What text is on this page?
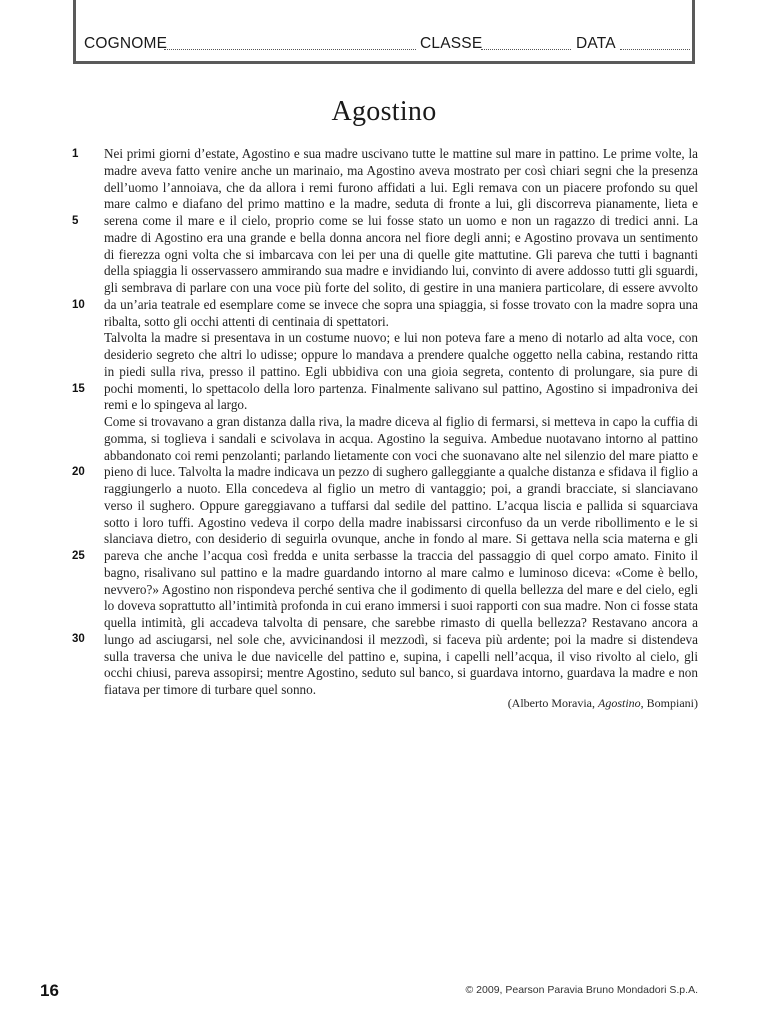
COGNOME	CLASSE	DATA
Agostino
1
5
10
15
20
25
30

Nei primi giorni d’estate, Agostino e sua madre uscivano tutte le mattine sul mare in pattino. Le prime volte, la madre aveva fatto venire anche un marinaio, ma Agostino aveva mostrato per così chiari segni che la presenza dell’uomo l’annoiava, che da allora i remi furono affidati a lui. Egli remava con un piacere profondo su quel mare calmo e diafano del primo mattino e la madre, seduta di fronte a lui, gli discorreva pianamente, lieta e serena come il mare e il cielo, proprio come se lui fosse stato un uomo e non un ragazzo di tredici anni. La madre di Agostino era una grande e bella donna ancora nel fiore degli anni; e Agostino provava un sentimento di fierezza ogni volta che si imbarcava con lei per una di quelle gite mattutine. Gli pareva che tutti i bagnanti della spiaggia li osservassero ammirando sua madre e invidiando lui, convinto di avere addosso tutti gli sguardi, gli sembrava di parlare con una voce più forte del solito, di gestire in una maniera particolare, di essere avvolto da un’aria teatrale ed esemplare come se invece che sopra una spiaggia, si fosse trovato con la madre sopra una ribalta, sotto gli occhi attenti di centinaia di spettatori.

Talvolta la madre si presentava in un costume nuovo; e lui non poteva fare a meno di notarlo ad alta voce, con desiderio segreto che altri lo udisse; oppure lo mandava a prendere qualche oggetto nella cabina, restando ritta in piedi sulla riva, presso il pattino. Egli ubbidiva con una gioia segreta, contento di prolungare, sia pure di pochi momenti, lo spettacolo della loro partenza. Finalmente salivano sul pattino, Agostino si impadroniva dei remi e lo spingeva al largo.

Come si trovavano a gran distanza dalla riva, la madre diceva al figlio di fermarsi, si metteva in capo la cuffia di gomma, si toglieva i sandali e scivolava in acqua. Agostino la seguiva. Ambedue nuotavano intorno al pattino abbandonato coi remi penzolanti; parlando lietamente con voci che suonavano alte nel silenzio del mare piatto e pieno di luce. Talvolta la madre indicava un pezzo di sughero galleggiante a qualche distanza e sfidava il figlio a raggiungerlo a nuoto. Ella concedeva al figlio un metro di vantaggio; poi, a grandi bracciate, si slanciavano verso il sughero. Oppure gareggiavano a tuffarsi dal sedile del pattino. L’acqua liscia e pallida si squarciava sotto i loro tuffi. Agostino vedeva il corpo della madre inabissarsi circonfuso da un verde ribollimento e le si slanciava dietro, con desiderio di seguirla ovunque, anche in fondo al mare. Si gettava nella scia materna e gli pareva che anche l’acqua così fredda e unita serbasse la traccia del passaggio di quel corpo amato. Finito il bagno, risalivano sul pattino e la madre guardando intorno al mare calmo e luminoso diceva: «Come è bello, nevvero?» Agostino non rispondeva perché sentiva che il godimento di quella bellezza del mare e del cielo, egli lo doveva soprattutto all’intimità profonda in cui erano immersi i suoi rapporti con sua madre. Non ci fosse stata quella intimità, gli accadeva talvolta di pensare, che sarebbe rimasto di quella bellezza? Restavano ancora a lungo ad asciugarsi, nel sole che, avvicinandosi il mezzodì, si faceva più ardente; poi la madre si distendeva sulla traversa che univa le due navicelle del pattino e, supina, i capelli nell’acqua, il viso rivolto al cielo, gli occhi chiusi, pareva assopirsi; mentre Agostino, seduto sul banco, si guardava intorno, guardava la madre e non fiatava per timore di turbare quel sonno.

(Alberto Moravia, Agostino, Bompiani)
16	© 2009, Pearson Paravia Bruno Mondadori S.p.A.
